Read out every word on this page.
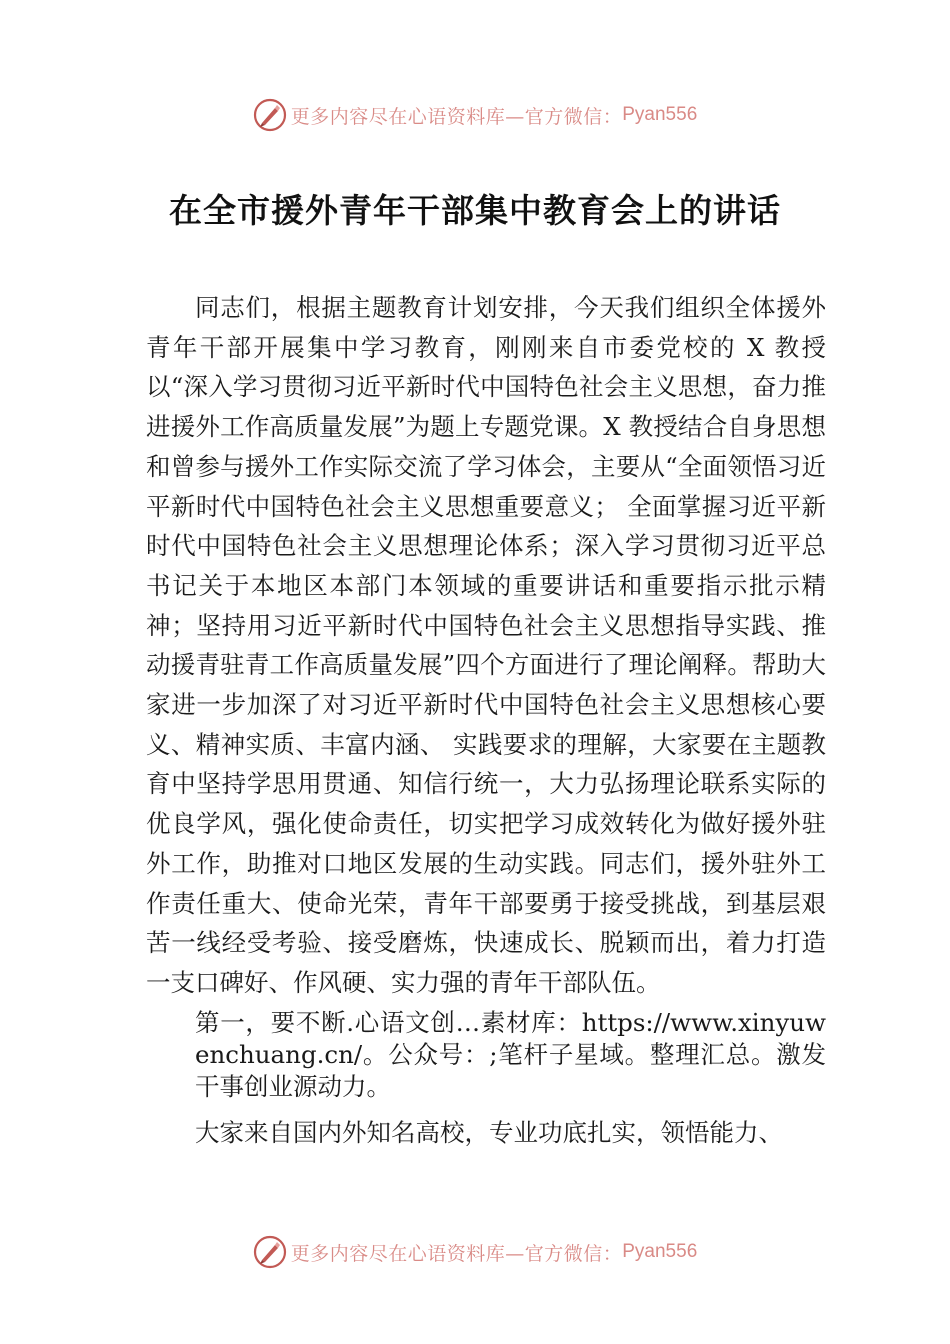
更多内容尽在心语资料库—官方微信： Pyan556
在全市援外青年干部集中教育会上的讲话

同志们，根据主题教育计划安排，今天我们组织全体援外青年干部开展集中学习教育，刚刚来自市委党校的 X 教授以“深入学习贯彻习近平新时代中国特色社会主义思想，奋力推进援外工作高质量发展”为题上专题党课。X 教授结合自身思想和曾参与援外工作实际交流了学习体会，主要从“全面领悟习近平新时代中国特色社会主义思想重要意义； 全面掌握习近平新时代中国特色社会主义思想理论体系；深入学习贯彻习近平总书记关于本地区本部门本领域的重要讲话和重要指示批示精神；坚持用习近平新时代中国特色社会主义思想指导实践、推动援青驻青工作高质量发展”四个方面进行了理论阐释。帮助大家进一步加深了对习近平新时代中国特色社会主义思想核心要义、精神实质、丰富内涵、 实践要求的理解，大家要在主题教育中坚持学思用贯通、知信行统一，大力弘扬理论联系实际的优良学风，强化使命责任，切实把学习成效转化为做好援外驻外工作，助推对口地区发展的生动实践。同志们，援外驻外工作责任重大、使命光荣，青年干部要勇于接受挑战，到基层艰苦一线经受考验、接受磨炼，快速成长、脱颖而出，着力打造一支口碑好、作风硬、实力强的青年干部队伍。

第一，要不断.心语文创…素材库：https://www.xinyuwenchuang.cn/。公众号：;笔杆子星域。整理汇总。激发干事创业源动力。

大家来自国内外知名高校，专业功底扎实，领悟能力、

更多内容尽在心语资料库—官方微信： Pyan556
